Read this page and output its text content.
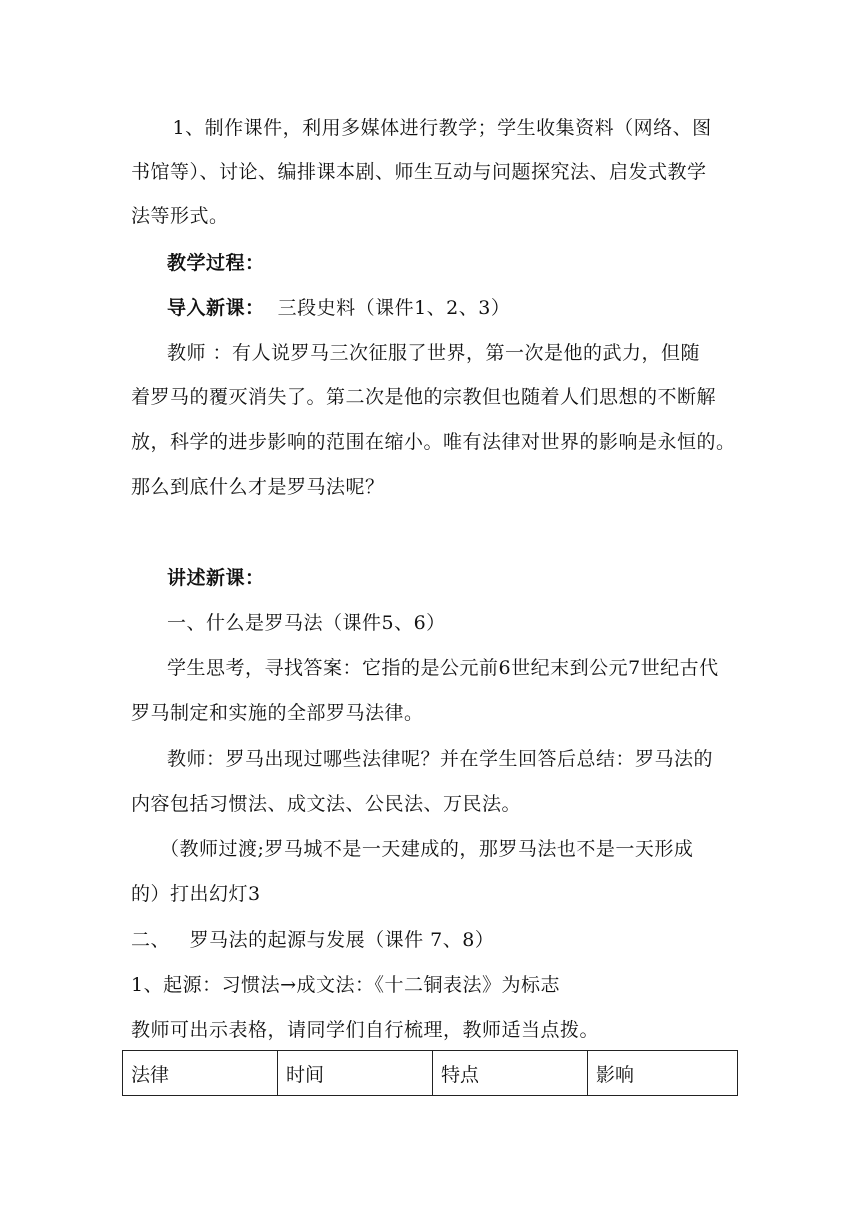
1、制作课件，利用多媒体进行教学；学生收集资料（网络、图
书馆等）、讨论、编排课本剧、师生互动与问题探究法、启发式教学
法等形式。
教学过程：
导入新课：  三段史料（课件1、2、3）
教师 ：有人说罗马三次征服了世界，第一次是他的武力，但随
着罗马的覆灭消失了。第二次是他的宗教但也随着人们思想的不断解
放，科学的进步影响的范围在缩小。唯有法律对世界的影响是永恒的。
那么到底什么才是罗马法呢？
讲述新课：
一、什么是罗马法（课件5、6）
学生思考，寻找答案：它指的是公元前6世纪末到公元7世纪古代
罗马制定和实施的全部罗马法律。
教师：罗马出现过哪些法律呢？并在学生回答后总结：罗马法的
内容包括习惯法、成文法、公民法、万民法。
（教师过渡;罗马城不是一天建成的，那罗马法也不是一天形成
的）打出幻灯3
二、   罗马法的起源与发展（课件 7、8）
1、起源：习惯法→成文法：《十二铜表法》为标志
教师可出示表格，请同学们自行梳理，教师适当点拨。
法律	时间	特点	影响
